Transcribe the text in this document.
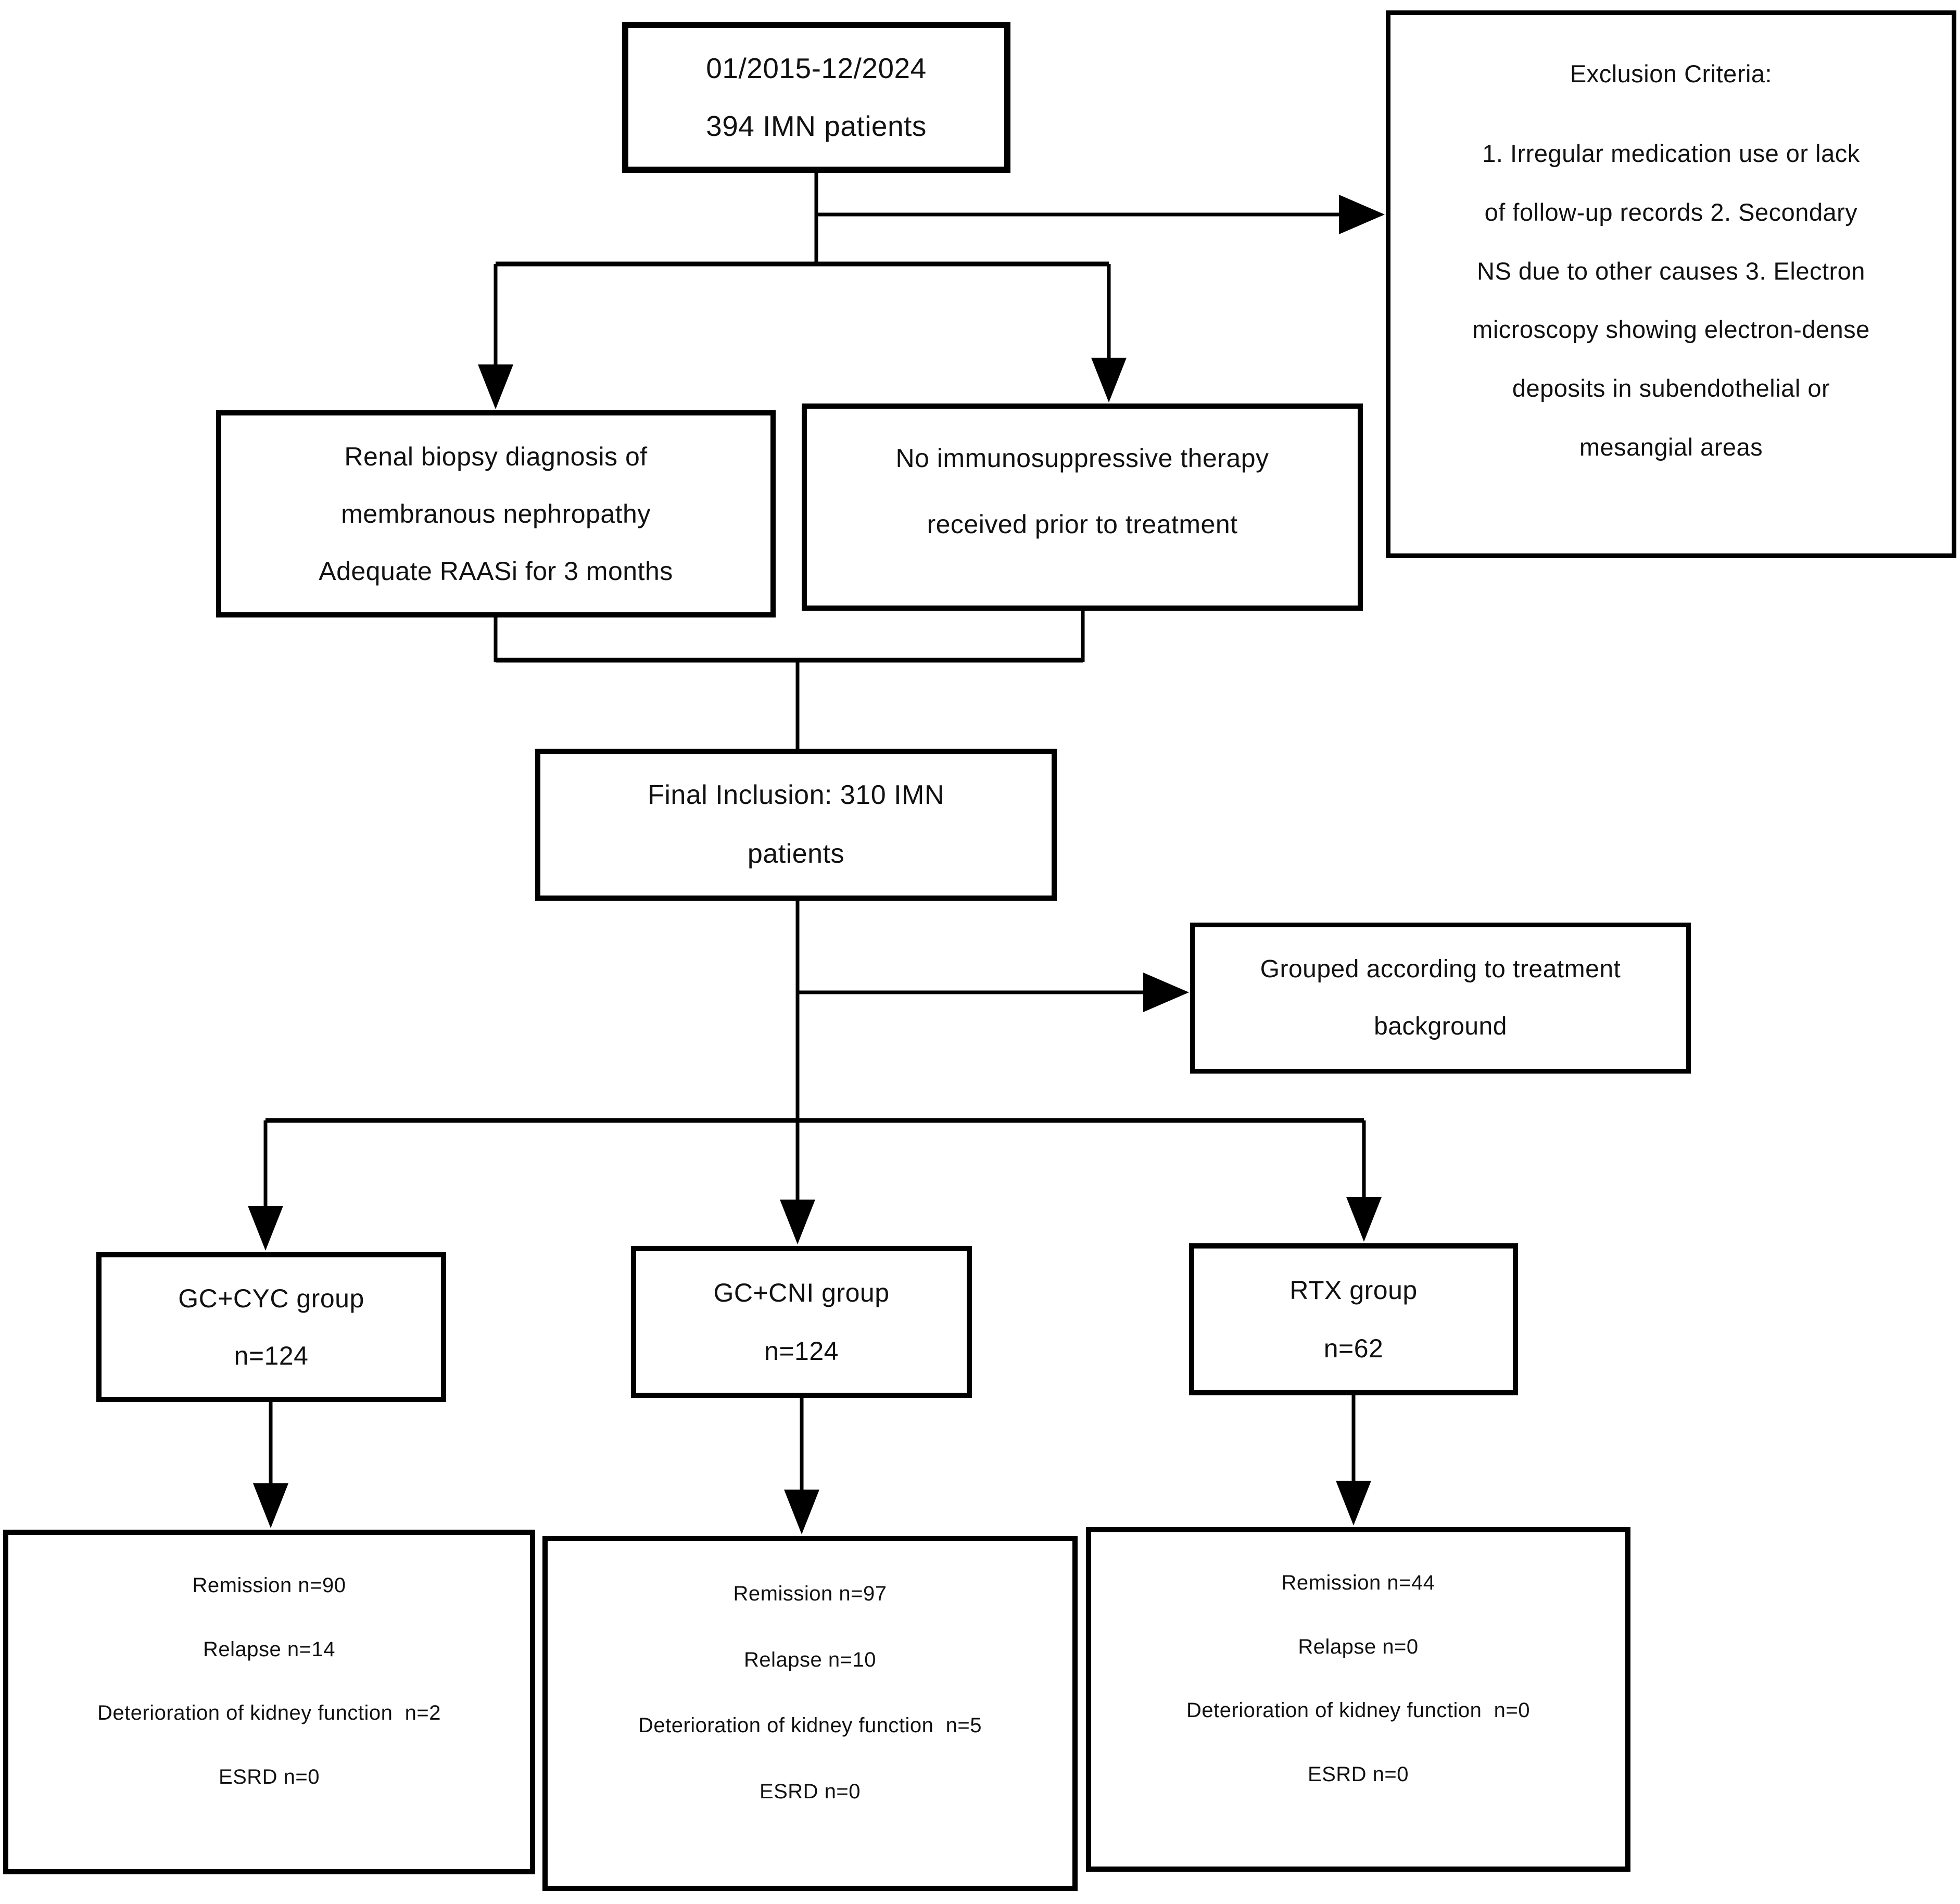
01/2015-12/2024
394 IMN patients
Exclusion Criteria:
1. Irregular medication use or lack
of follow-up records 2. Secondary
NS due to other causes 3. Electron
microscopy showing electron-dense
deposits in subendothelial or
mesangial areas
Renal biopsy diagnosis of
membranous nephropathy
Adequate RAASi for 3 months
No immunosuppressive therapy
received prior to treatment
Final Inclusion: 310 IMN
patients
Grouped according to treatment
background
GC+CYC group
n=124
GC+CNI group
n=124
RTX group
n=62
Remission n=90
Relapse n=14
Deterioration of kidney function  n=2
ESRD n=0
Remission n=97
Relapse n=10
Deterioration of kidney function  n=5
ESRD n=0
Remission n=44
Relapse n=0
Deterioration of kidney function  n=0
ESRD n=0
